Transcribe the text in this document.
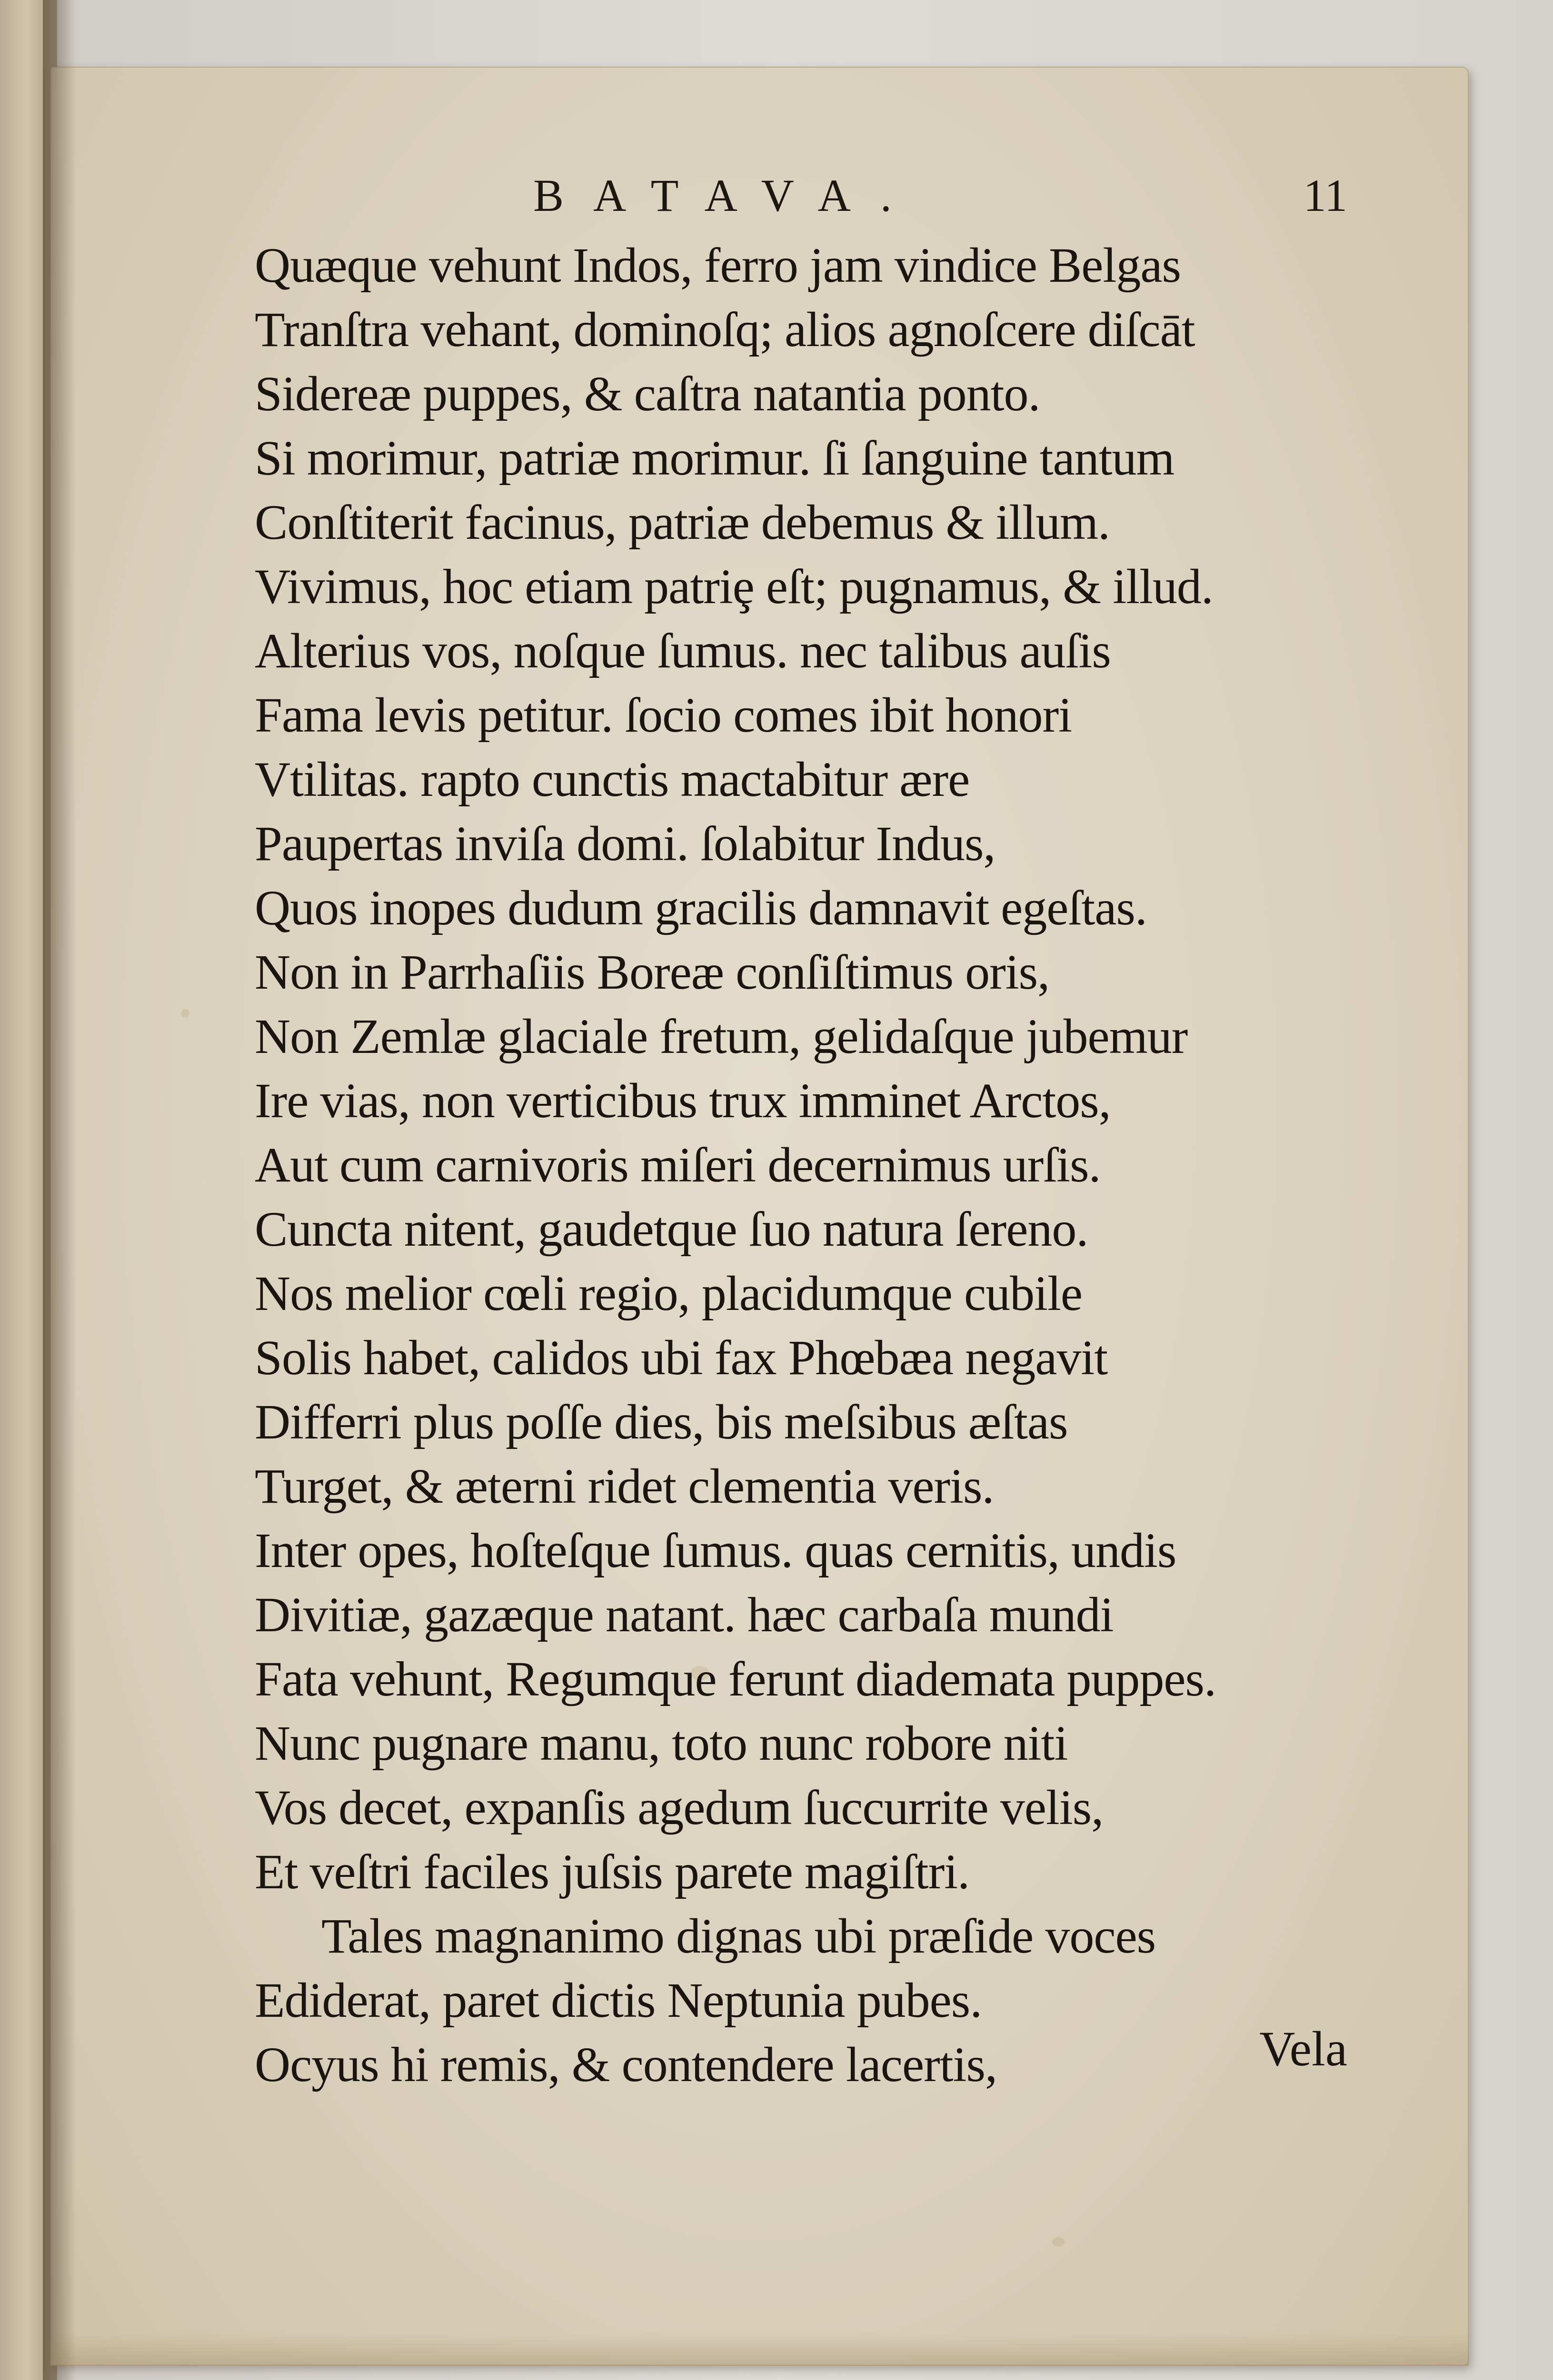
BATAVA.	11
Quæque vehunt Indos, ferro jam vindice Belgas
Tranſtra vehant, dominoſq; alios agnoſcere diſcāt
Sidereæ puppes, & caſtra natantia ponto.
Si morimur, patriæ morimur. ſi ſanguine tantum
Conſtiterit facinus, patriæ debemus & illum.
Vivimus, hoc etiam patriȩ eſt; pugnamus, & illud.
Alterius vos, noſque ſumus. nec talibus auſis
Fama levis petitur. ſocio comes ibit honori
Vtilitas. rapto cunctis mactabitur ære
Paupertas inviſa domi. ſolabitur Indus,
Quos inopes dudum gracilis damnavit egeſtas.
Non in Parrhaſiis Boreæ conſiſtimus oris,
Non Zemlæ glaciale fretum, gelidaſque jubemur
Ire vias, non verticibus trux imminet Arctos,
Aut cum carnivoris miſeri decernimus urſis.
Cuncta nitent, gaudetque ſuo natura ſereno.
Nos melior cœli regio, placidumque cubile
Solis habet, calidos ubi fax Phœbæa negavit
Differri plus poſſe dies, bis meſsibus æſtas
Turget, & æterni ridet clementia veris.
Inter opes, hoſteſque ſumus. quas cernitis, undis
Divitiæ, gazæque natant. hæc carbaſa mundi
Fata vehunt, Regumque ferunt diademata puppes.
Nunc pugnare manu, toto nunc robore niti
Vos decet, expanſis agedum ſuccurrite velis,
Et veſtri faciles juſsis parete magiſtri.
Tales magnanimo dignas ubi præſide voces
Ediderat, paret dictis Neptunia pubes.
Ocyus hi remis, & contendere lacertis,	Vela
